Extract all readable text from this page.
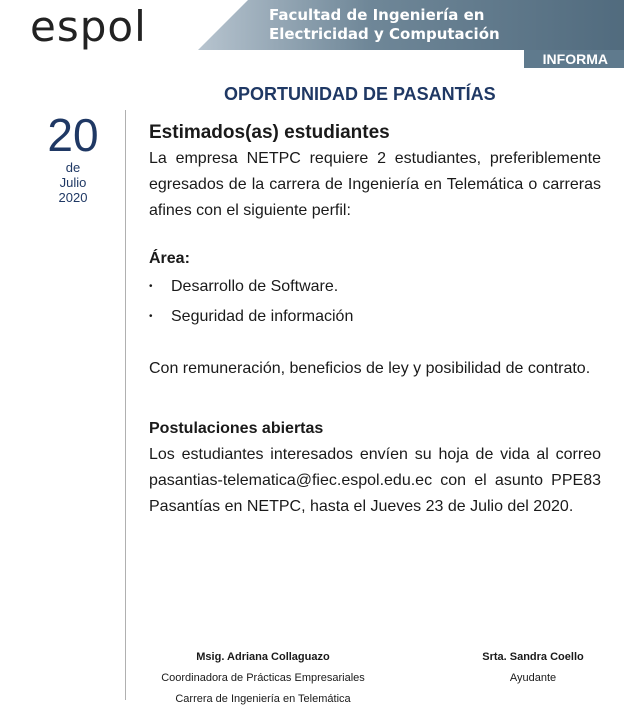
espol	Facultad de Ingeniería en
Electricidad y Computación
INFORMA
OPORTUNIDAD DE PASANTÍAS
20
de
Julio
2020

Estimados(as) estudiantes

La empresa NETPC requiere 2 estudiantes, preferiblemente egresados de la carrera de Ingeniería en Telemática o carreras afines con el siguiente perfil:

Área:

• Desarrollo de Software.
• Seguridad de información

Con remuneración, beneficios de ley y posibilidad de contrato.

Postulaciones abiertas

Los estudiantes interesados envíen su hoja de vida al correo pasantias-telematica@fiec.espol.edu.ec con el asunto PPE83 Pasantías en NETPC, hasta el Jueves 23 de Julio del 2020.

Msig. Adriana Collaguazo
Coordinadora de Prácticas Empresariales
Carrera de Ingeniería en Telemática
Srta. Sandra Coello
Ayudante
